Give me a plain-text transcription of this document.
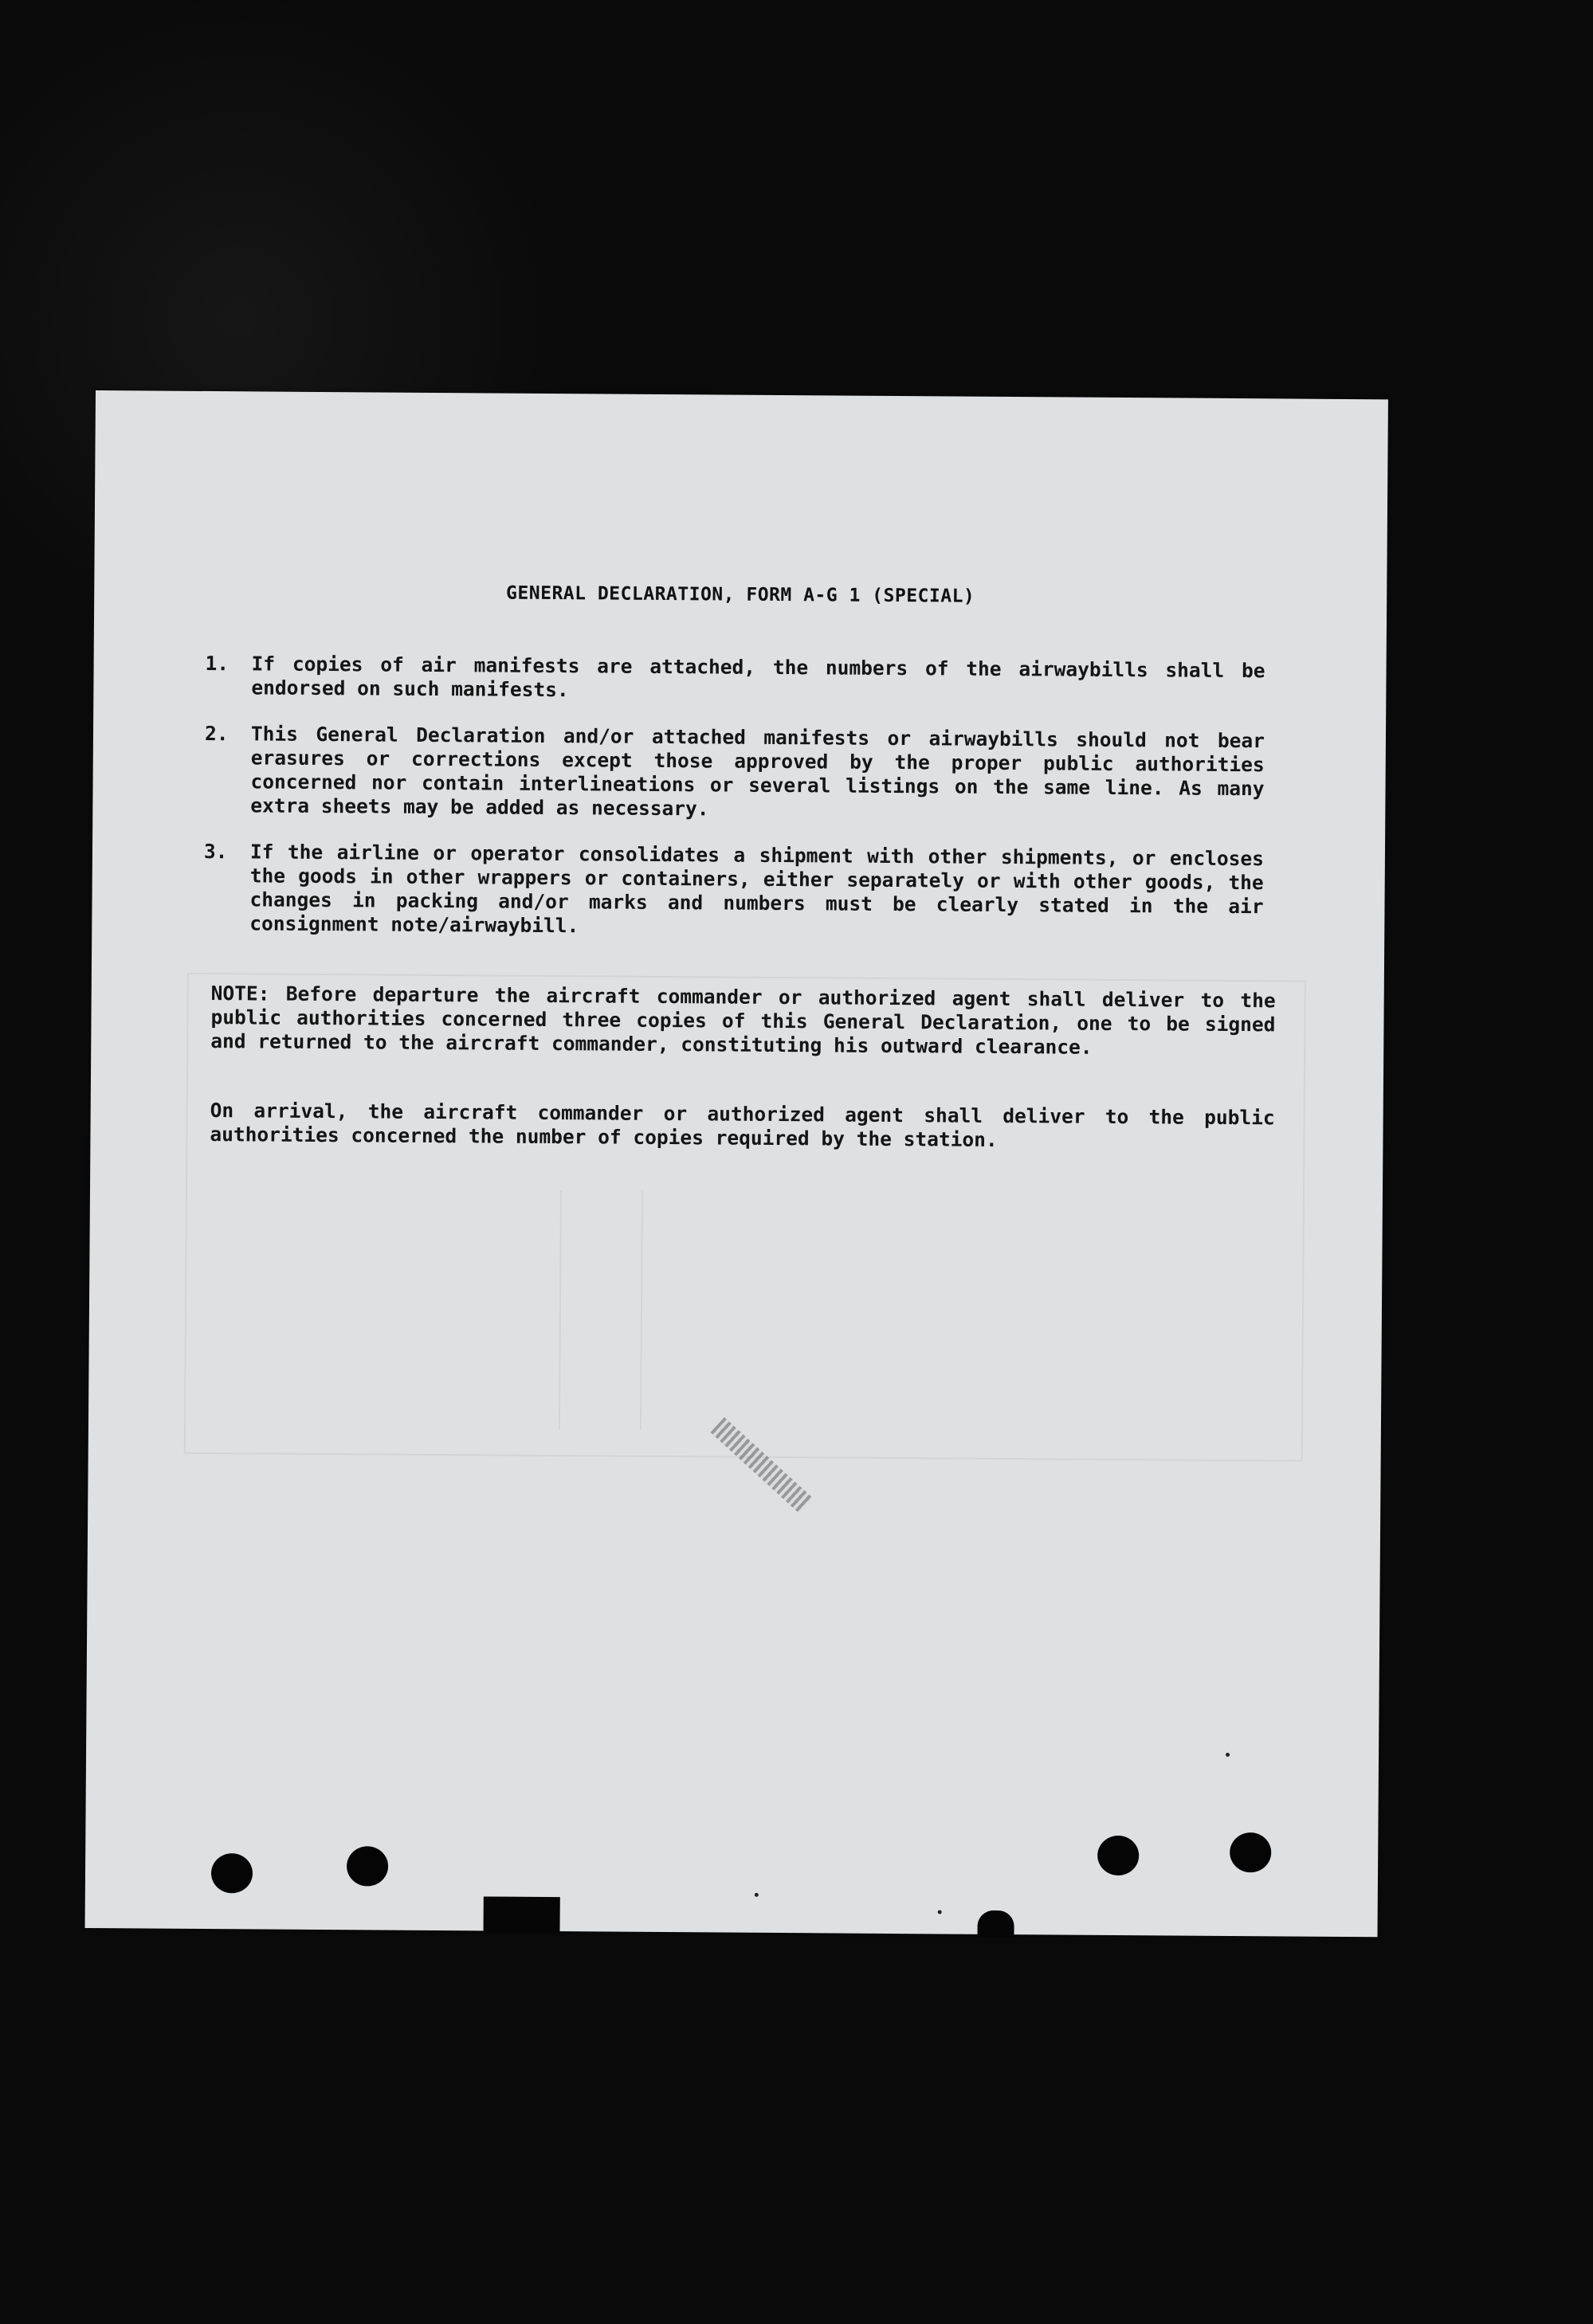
GENERAL DECLARATION, FORM A-G 1 (SPECIAL)
1.	If copies of air manifests are attached, the numbers of the airwaybills shall be endorsed on such manifests.
2.	This General Declaration and/or attached manifests or airwaybills should not bear erasures or corrections except those approved by the proper public authorities concerned nor contain interlineations or several listings on the same line. As many extra sheets may be added as necessary.
3.	If the airline or operator consolidates a shipment with other shipments, or encloses the goods in other wrappers or containers, either separately or with other goods, the changes in packing and/or marks and numbers must be clearly stated in the air consignment note/airwaybill.
NOTE: Before departure the aircraft commander or authorized agent shall deliver to the public authorities concerned three copies of this General Declaration, one to be signed and returned to the aircraft commander, constituting his outward clearance.
On arrival, the aircraft commander or authorized agent shall deliver to the public authorities concerned the number of copies required by the station.
